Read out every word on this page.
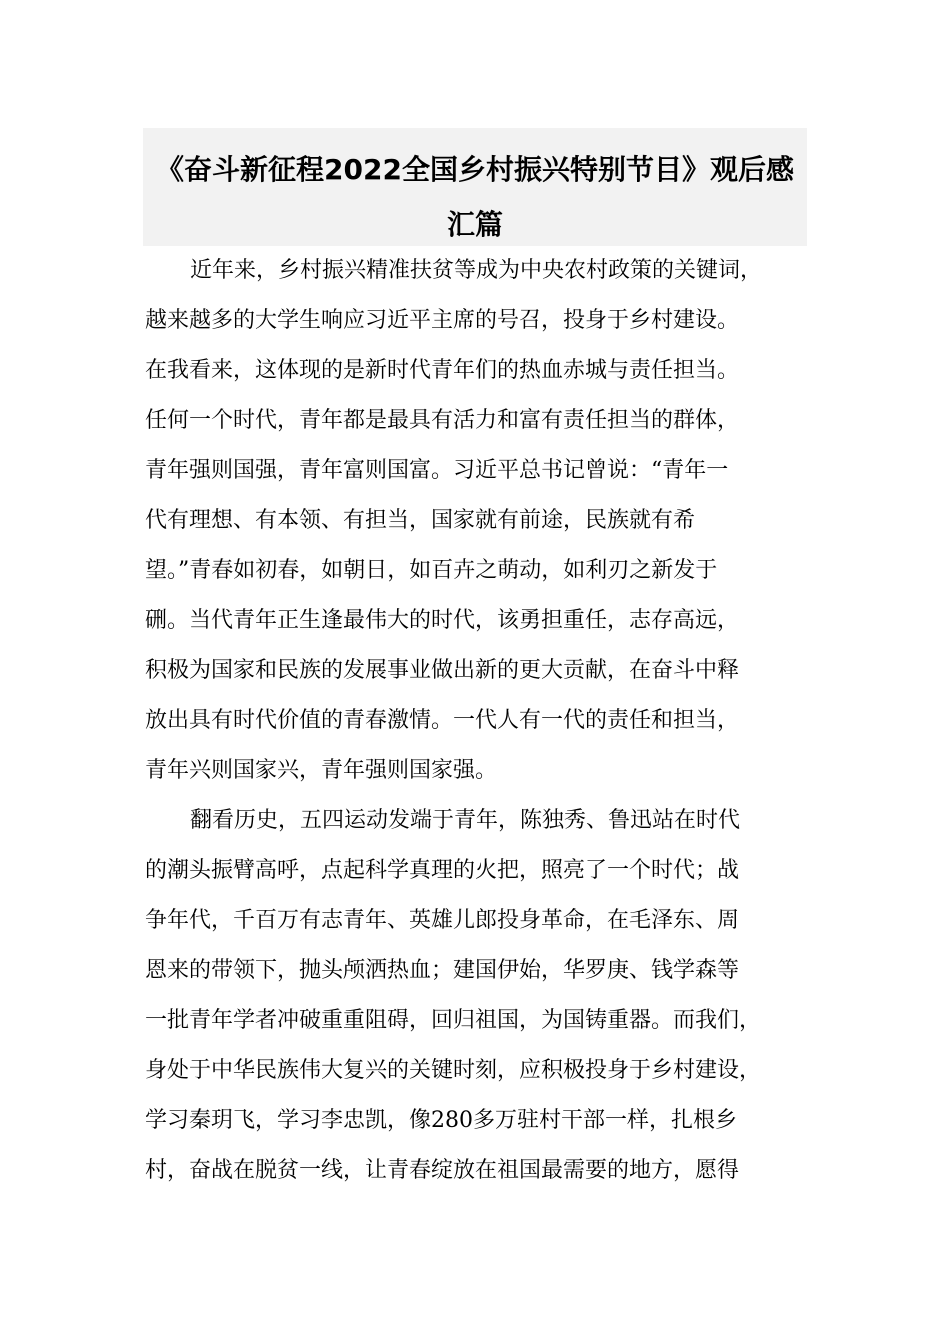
《奋斗新征程2022全国乡村振兴特别节目》观后感
汇篇
近年来，乡村振兴精准扶贫等成为中央农村政策的关键词，
越来越多的大学生响应习近平主席的号召，投身于乡村建设。
在我看来，这体现的是新时代青年们的热血赤城与责任担当。
任何一个时代，青年都是最具有活力和富有责任担当的群体，
青年强则国强，青年富则国富。习近平总书记曾说：“青年一
代有理想、有本领、有担当，国家就有前途，民族就有希
望。”青春如初春，如朝日，如百卉之萌动，如利刃之新发于
硎。当代青年正生逢最伟大的时代，该勇担重任，志存高远，
积极为国家和民族的发展事业做出新的更大贡献，在奋斗中释
放出具有时代价值的青春激情。一代人有一代的责任和担当，
青年兴则国家兴，青年强则国家强。
翻看历史，五四运动发端于青年，陈独秀、鲁迅站在时代
的潮头振臂高呼，点起科学真理的火把，照亮了一个时代；战
争年代，千百万有志青年、英雄儿郎投身革命，在毛泽东、周
恩来的带领下，抛头颅洒热血；建国伊始，华罗庚、钱学森等
一批青年学者冲破重重阻碍，回归祖国，为国铸重器。而我们，
身处于中华民族伟大复兴的关键时刻，应积极投身于乡村建设，
学习秦玥飞，学习李忠凯，像280多万驻村干部一样，扎根乡
村，奋战在脱贫一线，让青春绽放在祖国最需要的地方，愿得
